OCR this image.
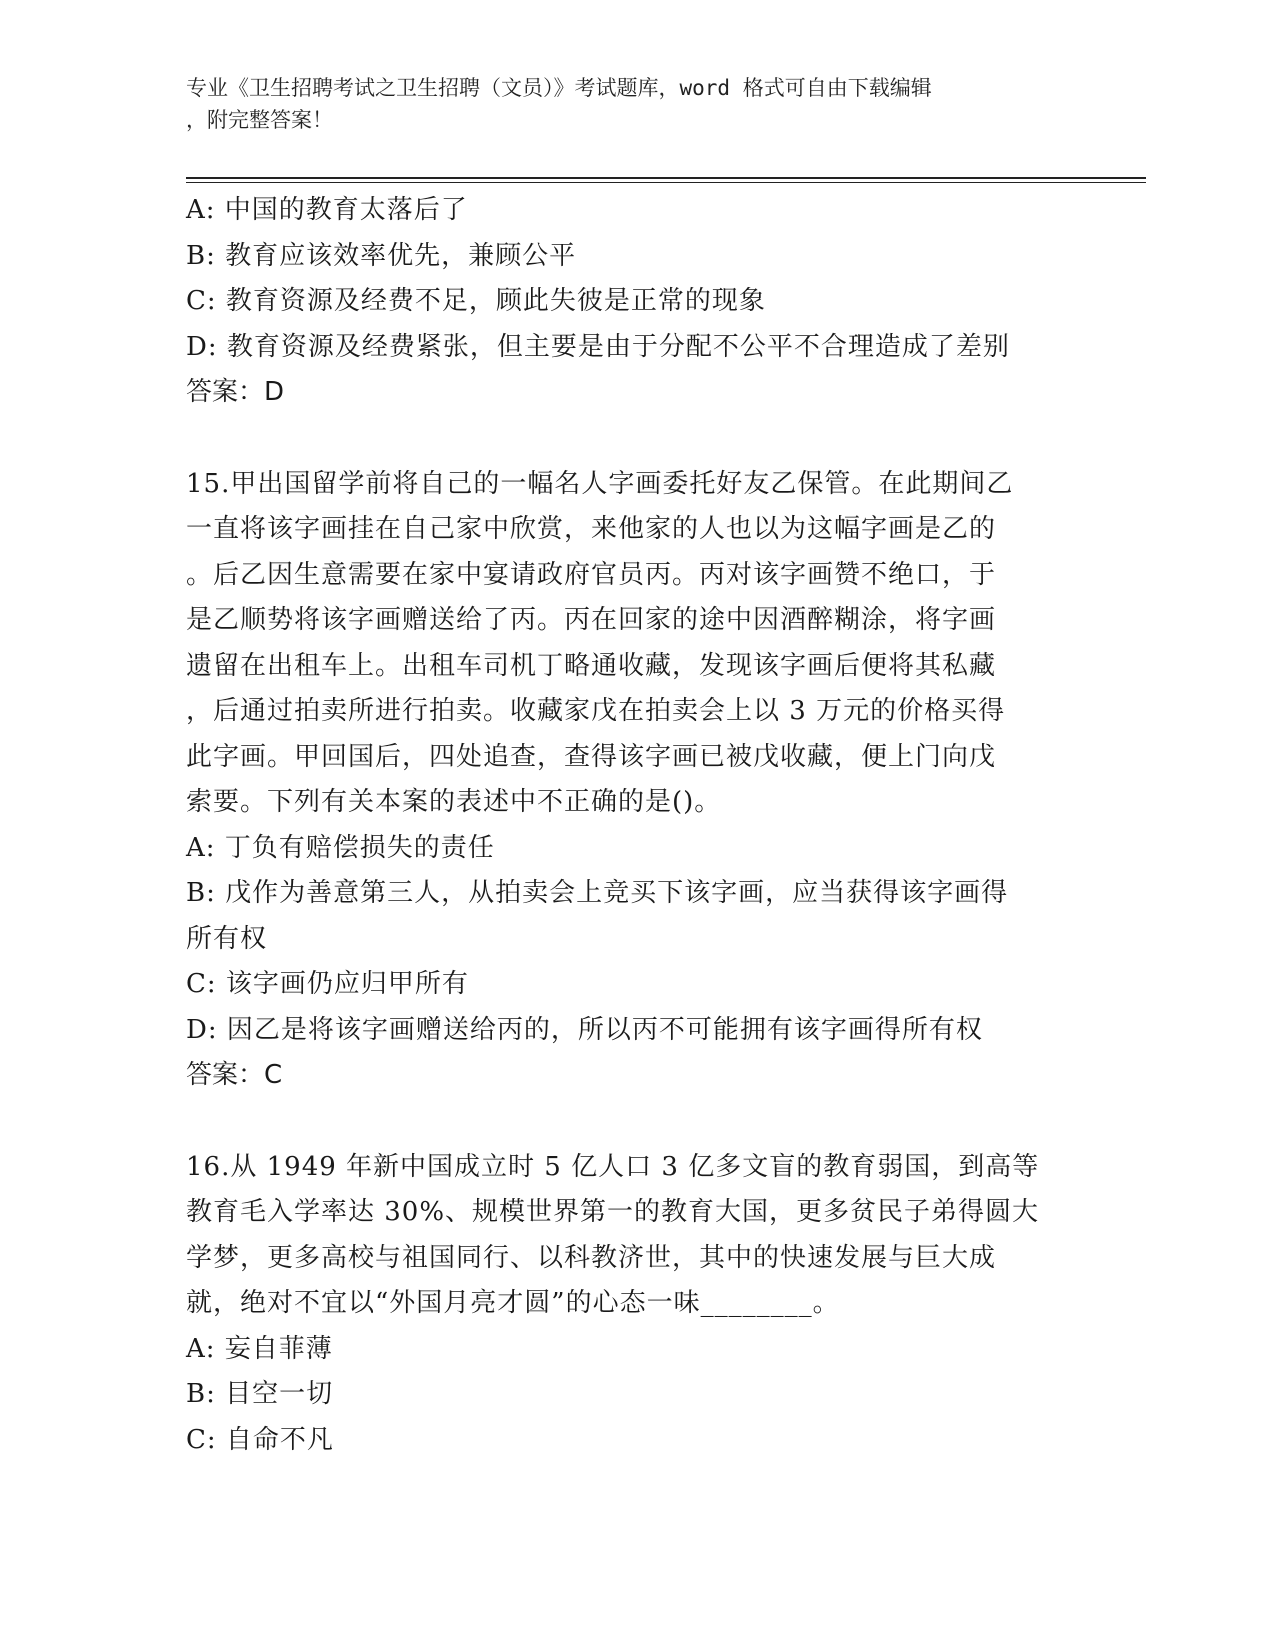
专业《卫生招聘考试之卫生招聘（文员）》考试题库，word 格式可自由下载编辑
，附完整答案！
A: 中国的教育太落后了
B: 教育应该效率优先，兼顾公平
C: 教育资源及经费不足，顾此失彼是正常的现象
D: 教育资源及经费紧张，但主要是由于分配不公平不合理造成了差别
答案：D
15.甲出国留学前将自己的一幅名人字画委托好友乙保管。在此期间乙
一直将该字画挂在自己家中欣赏，来他家的人也以为这幅字画是乙的
。后乙因生意需要在家中宴请政府官员丙。丙对该字画赞不绝口，于
是乙顺势将该字画赠送给了丙。丙在回家的途中因酒醉糊涂，将字画
遗留在出租车上。出租车司机丁略通收藏，发现该字画后便将其私藏
，后通过拍卖所进行拍卖。收藏家戊在拍卖会上以 3 万元的价格买得
此字画。甲回国后，四处追查，查得该字画已被戊收藏，便上门向戊
索要。下列有关本案的表述中不正确的是()。
A: 丁负有赔偿损失的责任
B: 戊作为善意第三人，从拍卖会上竞买下该字画，应当获得该字画得
所有权
C: 该字画仍应归甲所有
D: 因乙是将该字画赠送给丙的，所以丙不可能拥有该字画得所有权
答案：C
16.从 1949 年新中国成立时 5 亿人口 3 亿多文盲的教育弱国，到高等
教育毛入学率达 30%、规模世界第一的教育大国，更多贫民子弟得圆大
学梦，更多高校与祖国同行、以科教济世，其中的快速发展与巨大成
就，绝对不宜以“外国月亮才圆”的心态一味________。
A: 妄自菲薄
B: 目空一切
C: 自命不凡
